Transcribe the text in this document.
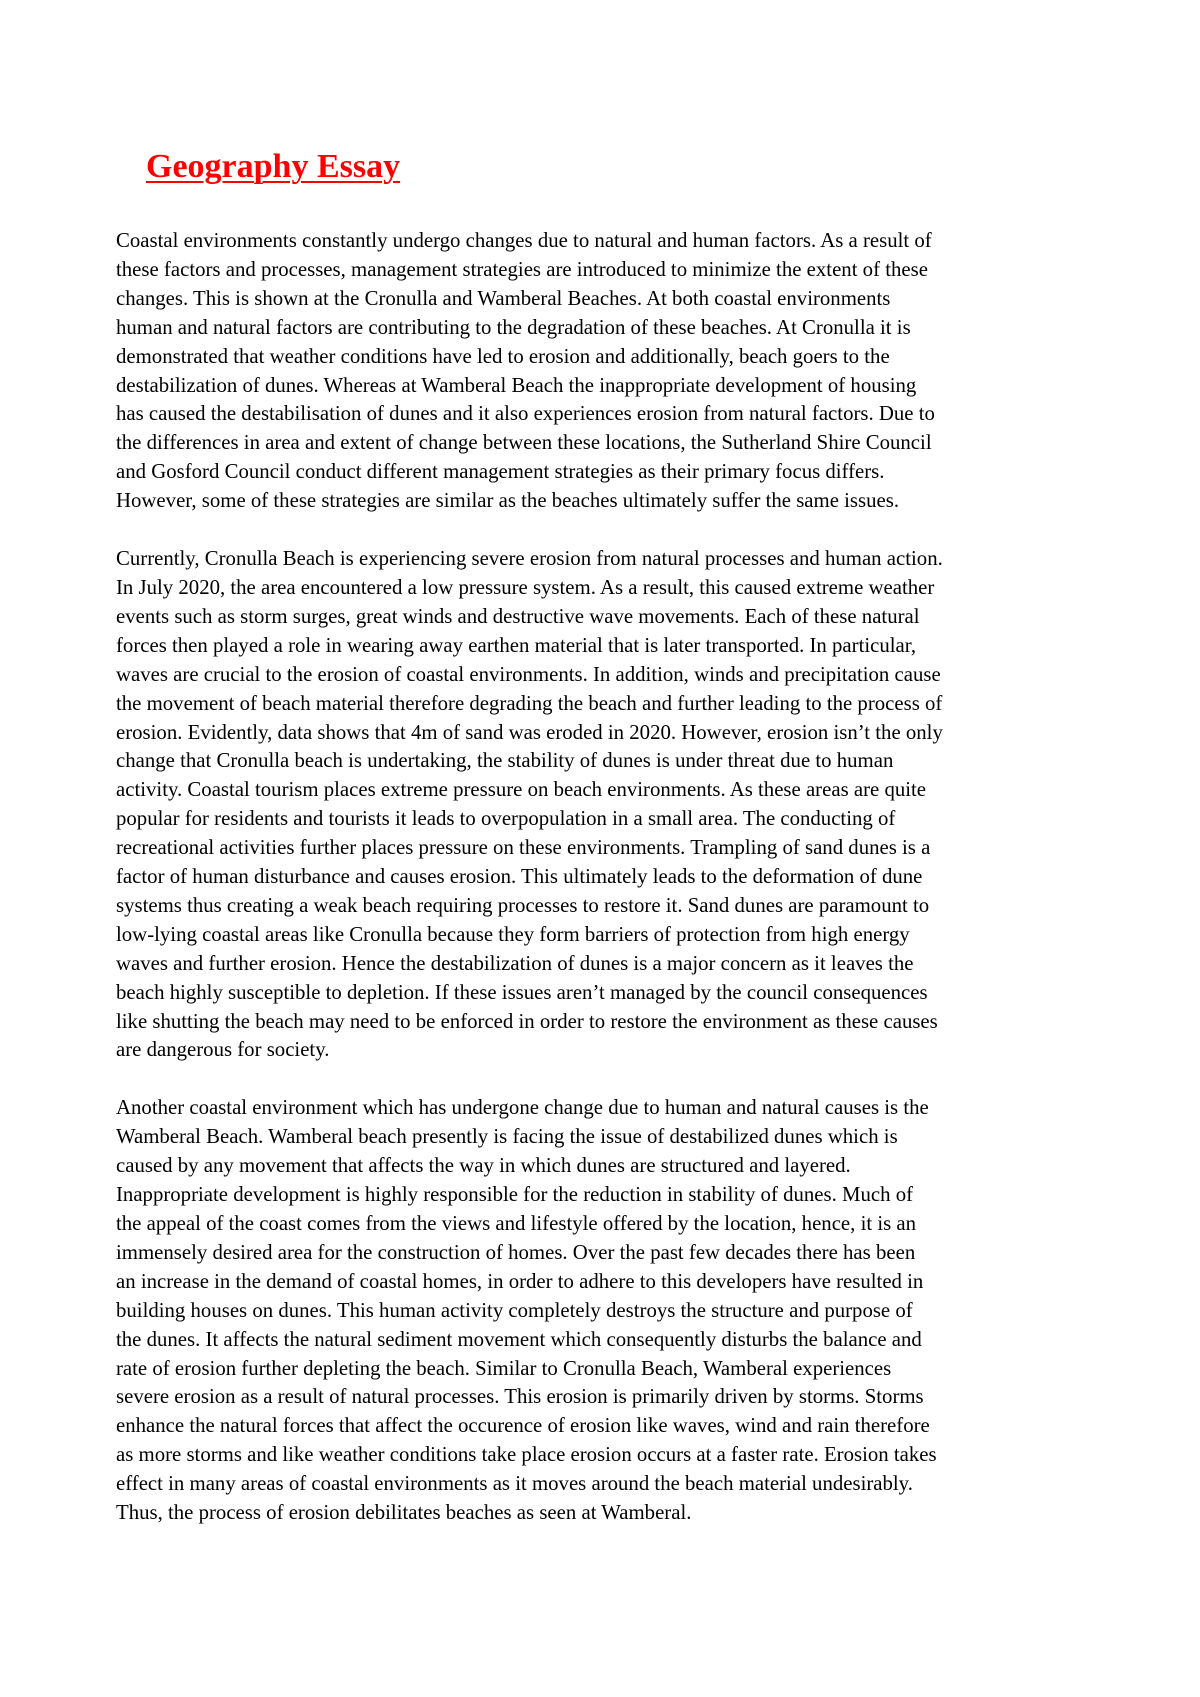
Geography Essay

Coastal environments constantly undergo changes due to natural and human factors. As a result of
these factors and processes, management strategies are introduced to minimize the extent of these
changes. This is shown at the Cronulla and Wamberal Beaches. At both coastal environments
human and natural factors are contributing to the degradation of these beaches. At Cronulla it is
demonstrated that weather conditions have led to erosion and additionally, beach goers to the
destabilization of dunes. Whereas at Wamberal Beach the inappropriate development of housing
has caused the destabilisation of dunes and it also experiences erosion from natural factors. Due to
the differences in area and extent of change between these locations, the Sutherland Shire Council
and Gosford Council conduct different management strategies as their primary focus differs.
However, some of these strategies are similar as the beaches ultimately suffer the same issues.

Currently, Cronulla Beach is experiencing severe erosion from natural processes and human action.
In July 2020, the area encountered a low pressure system. As a result, this caused extreme weather
events such as storm surges, great winds and destructive wave movements. Each of these natural
forces then played a role in wearing away earthen material that is later transported. In particular,
waves are crucial to the erosion of coastal environments. In addition, winds and precipitation cause
the movement of beach material therefore degrading the beach and further leading to the process of
erosion. Evidently, data shows that 4m of sand was eroded in 2020. However, erosion isn’t the only
change that Cronulla beach is undertaking, the stability of dunes is under threat due to human
activity. Coastal tourism places extreme pressure on beach environments. As these areas are quite
popular for residents and tourists it leads to overpopulation in a small area. The conducting of
recreational activities further places pressure on these environments. Trampling of sand dunes is a
factor of human disturbance and causes erosion. This ultimately leads to the deformation of dune
systems thus creating a weak beach requiring processes to restore it. Sand dunes are paramount to
low-lying coastal areas like Cronulla because they form barriers of protection from high energy
waves and further erosion. Hence the destabilization of dunes is a major concern as it leaves the
beach highly susceptible to depletion. If these issues aren’t managed by the council consequences
like shutting the beach may need to be enforced in order to restore the environment as these causes
are dangerous for society.

Another coastal environment which has undergone change due to human and natural causes is the
Wamberal Beach. Wamberal beach presently is facing the issue of destabilized dunes which is
caused by any movement that affects the way in which dunes are structured and layered.
Inappropriate development is highly responsible for the reduction in stability of dunes. Much of
the appeal of the coast comes from the views and lifestyle offered by the location, hence, it is an
immensely desired area for the construction of homes. Over the past few decades there has been
an increase in the demand of coastal homes, in order to adhere to this developers have resulted in
building houses on dunes. This human activity completely destroys the structure and purpose of
the dunes. It affects the natural sediment movement which consequently disturbs the balance and
rate of erosion further depleting the beach. Similar to Cronulla Beach, Wamberal experiences
severe erosion as a result of natural processes. This erosion is primarily driven by storms. Storms
enhance the natural forces that affect the occurence of erosion like waves, wind and rain therefore
as more storms and like weather conditions take place erosion occurs at a faster rate. Erosion takes
effect in many areas of coastal environments as it moves around the beach material undesirably.
Thus, the process of erosion debilitates beaches as seen at Wamberal.
